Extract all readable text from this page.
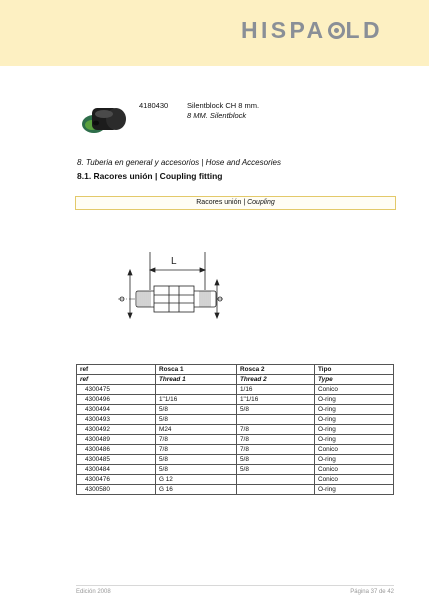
HISPA LD
4180430	Silentblock CH 8 mm.
8 MM. Silentblock
8. Tuberia en general y accesorios | Hose and Accesories
8.1. Racores unión | Coupling fitting
Racores unión | Coupling
L
ref	Rosca 1	Rosca 2	Tipo
ref	Thread 1	Thread 2	Type
4300475		1/16	Conico
4300496	1"1/16	1"1/16	O-ring
4300494	5/8	5/8	O-ring
4300493	5/8		O-ring
4300492	M24	7/8	O-ring
4300489	7/8	7/8	O-ring
4300486	7/8	7/8	Conico
4300485	5/8	5/8	O-ring
4300484	5/8	5/8	Conico
4300476	G 12		Conico
4300580	G 16		O-ring
Edición 2008	Página 37 de 42
